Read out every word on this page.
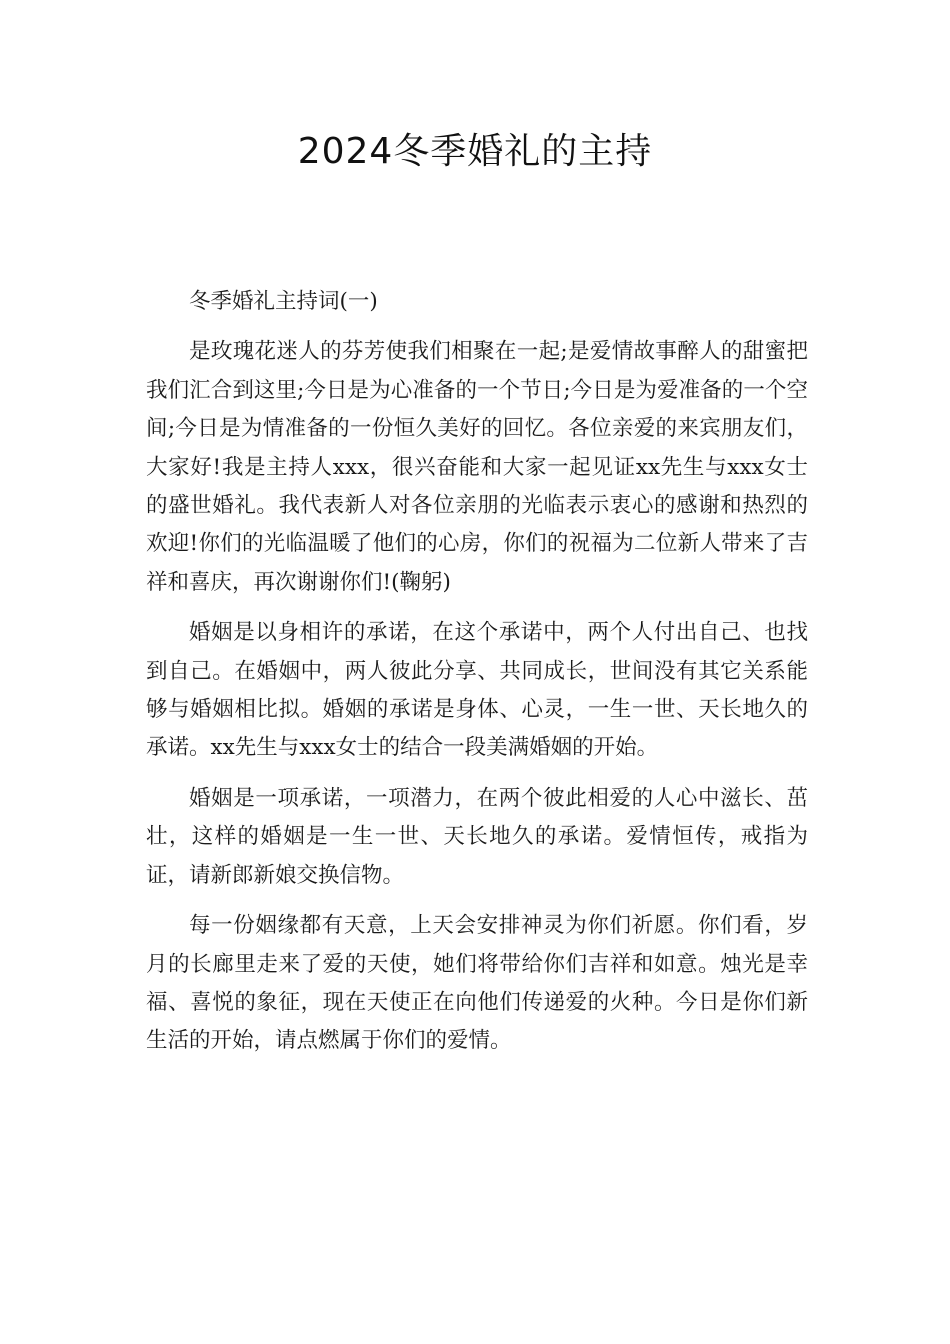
2024冬季婚礼的主持

冬季婚礼主持词(一)

是玫瑰花迷人的芬芳使我们相聚在一起;是爱情故事醉人的甜蜜把我们汇合到这里;今日是为心准备的一个节日;今日是为爱准备的一个空间;今日是为情准备的一份恒久美好的回忆。各位亲爱的来宾朋友们，大家好!我是主持人xxx，很兴奋能和大家一起见证xx先生与xxx女士的盛世婚礼。我代表新人对各位亲朋的光临表示衷心的感谢和热烈的欢迎!你们的光临温暖了他们的心房，你们的祝福为二位新人带来了吉祥和喜庆，再次谢谢你们!(鞠躬)

婚姻是以身相许的承诺，在这个承诺中，两个人付出自己、也找到自己。在婚姻中，两人彼此分享、共同成长，世间没有其它关系能够与婚姻相比拟。婚姻的承诺是身体、心灵，一生一世、天长地久的承诺。xx先生与xxx女士的结合一段美满婚姻的开始。

婚姻是一项承诺，一项潜力，在两个彼此相爱的人心中滋长、茁壮，这样的婚姻是一生一世、天长地久的承诺。爱情恒传，戒指为证，请新郎新娘交换信物。

每一份姻缘都有天意，上天会安排神灵为你们祈愿。你们看，岁月的长廊里走来了爱的天使，她们将带给你们吉祥和如意。烛光是幸福、喜悦的象征，现在天使正在向他们传递爱的火种。今日是你们新生活的开始，请点燃属于你们的爱情。
